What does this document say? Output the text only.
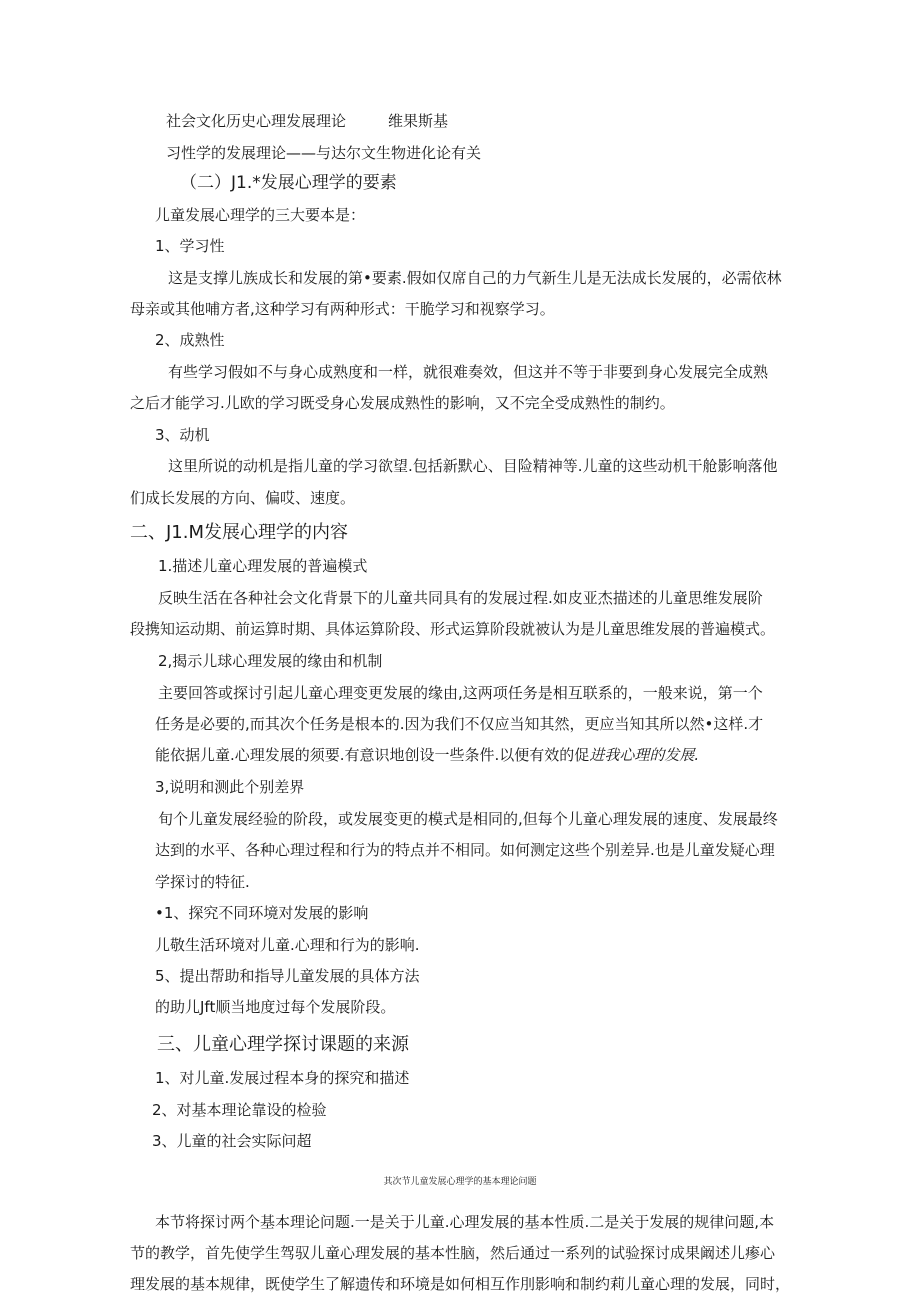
社会文化历史心理发展理论	维果斯基
习性学的发展理论——与达尔文生物进化论有关
（二）J1.*发展心理学的要素
儿童发展心理学的三大要本是：
1、学习性
这是支撑儿族成长和发展的第•要素.假如仅席自己的力气新生儿是无法成长发展的，必需依林
母亲或其他哺方者,这种学习有两种形式：干脆学习和视察学习。
2、成熟性
有些学习假如不与身心成熟度和一样，就很难奏效，但这并不等于非要到身心发展完全成熟
之后才能学习.儿欧的学习既受身心发展成熟性的影响，又不完全受成熟性的制约。
3、动机
这里所说的动机是指儿童的学习欲望.包括新默心、目险精神等.儿童的这些动机干舱影响落他
们成长发展的方向、偏哎、速度。
二、J1.M发展心理学的内容
1.描述儿童心理发展的普遍模式
反映生活在各种社会文化背景下的儿童共同具有的发展过程.如皮亚杰描述的儿童思维发展阶
段携知运动期、前运算时期、具体运算阶段、形式运算阶段就被认为是儿童思维发展的普遍模式。
2,揭示儿球心理发展的缘由和机制
主要回答或探讨引起儿童心理变更发展的缘由,这两项任务是相互联系的，一般来说，第一个
任务是必要的,而其次个任务是根本的.因为我们不仅应当知其然，更应当知其所以然•这样.才
能依据儿童.心理发展的须要.有意识地创设一些条件.以便有效的促进我心理的发展.
3,说明和测此个别差界
旬个儿童发展经验的阶段，或发展变更的模式是相同的,但每个儿童心理发展的速度、发展最终
达到的水平、各种心理过程和行为的特点并不相同。如何测定这些个别差异.也是儿童发疑心理
学探讨的特征.
•1、探究不同环境对发展的影响
儿敬生活环境对儿童.心理和行为的影响.
5、提出帮助和指导儿童发展的具体方法
的助儿Jft顺当地度过每个发展阶段。
三、儿童心理学探讨课题的来源
1、对儿童.发展过程本身的探究和描述
2、对基本理论靠设的检验
3、儿童的社会实际问超
其次节儿童发展心理学的基本理论问题
本节将探讨两个基本理论问题.一是关于儿童.心理发展的基本性质.二是关于发展的规律问题,本
节的教学，首先使学生驾驭儿童心理发展的基本性脑，然后通过一系列的试验探讨成果阚述儿瘆心
理发展的基本规律，既使学生了解遗传和环境是如何相互作刖影响和制约莉儿童心理的发展，同时，
